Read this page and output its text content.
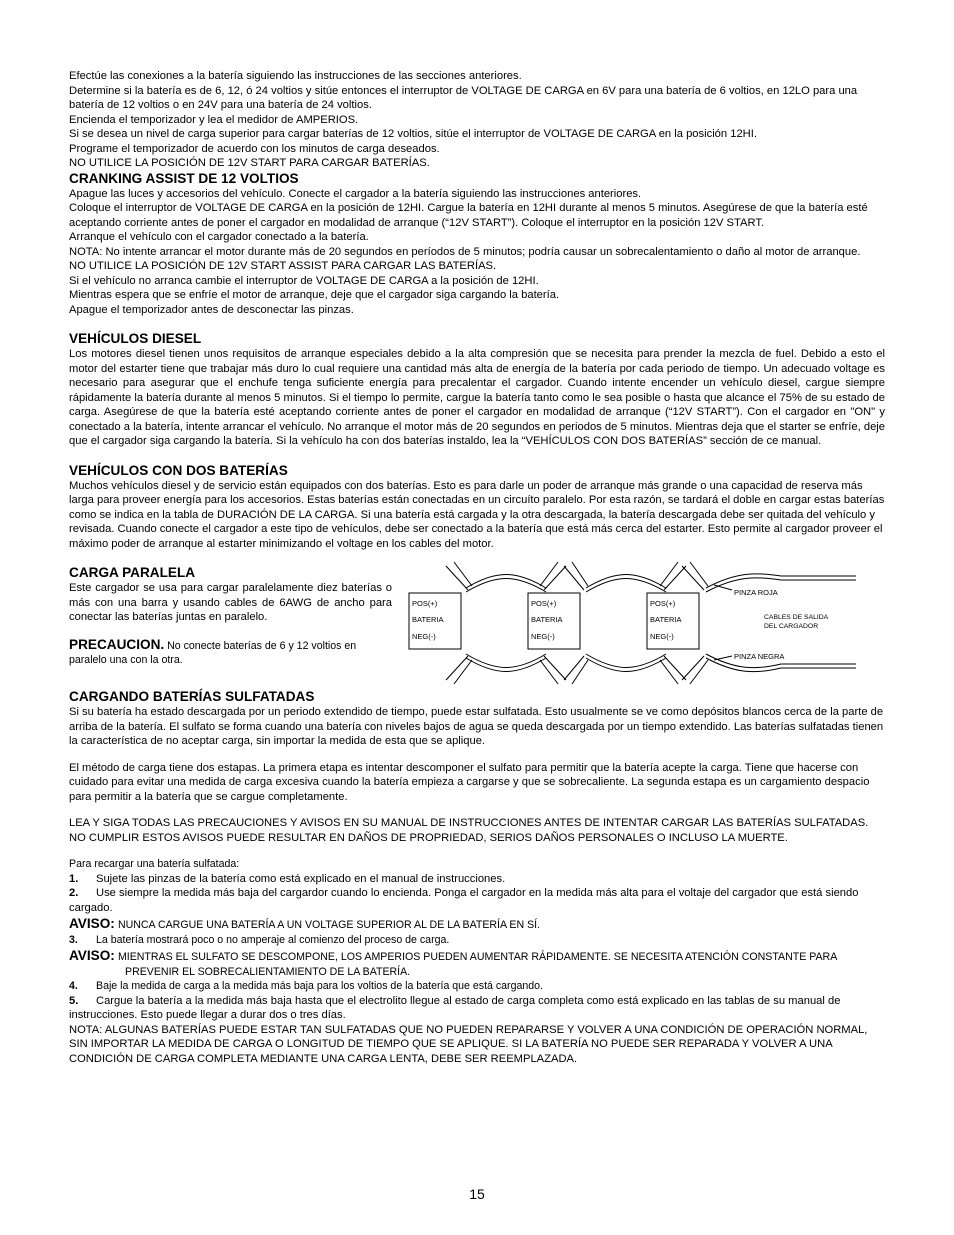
Efectúe las conexiones a la batería siguiendo las instrucciones de las secciones anteriores.

Determine si la batería es de 6, 12, ó 24 voltios y sitúe entonces el interruptor de VOLTAGE DE CARGA en 6V para una batería de 6 voltios, en 12LO para una batería de 12 voltios o en 24V para una batería de 24 voltios.

Encienda el temporizador y lea el medidor de AMPERIOS.

Si se desea un nivel de carga superior para cargar baterías de 12 voltios, sitúe el interruptor de VOLTAGE DE CARGA en la posición 12HI.

Programe el temporizador de acuerdo con los minutos de carga deseados.

NO UTILICE LA POSICIÓN DE 12V START PARA CARGAR BATERÍAS.

CRANKING ASSIST DE 12 VOLTIOS

Apague las luces y accesorios del vehículo. Conecte el cargador a la batería siguiendo las instrucciones anteriores.

Coloque el interruptor de VOLTAGE DE CARGA en la posición de 12HI. Cargue la batería en 12HI durante al menos 5 minutos. Asegúrese de que la batería esté aceptando corriente antes de poner el cargador en modalidad de arranque (“12V START”). Coloque el interruptor en la posición 12V START.

Arranque el vehículo con el cargador conectado a la batería.

NOTA: No intente arrancar el motor durante más de 20 segundos en períodos de 5 minutos; podría causar un sobrecalentamiento o daño al motor de arranque.

NO UTILICE LA POSICIÓN DE 12V START ASSIST PARA CARGAR LAS BATERÍAS.

Si el vehículo no arranca cambie el interruptor de VOLTAGE DE CARGA a la posición de 12HI.

Mientras espera que se enfríe el motor de arranque, deje que el cargador siga cargando la batería.

Apague el temporizador antes de desconectar las pinzas.

VEHÍCULOS DIESEL

Los motores diesel tienen unos requisitos de arranque especiales debido a la alta compresión que se necesita para prender la mezcla de fuel. Debido a esto el motor del estarter tiene que trabajar más duro lo cual requiere una cantidad más alta de energía de la batería por cada periodo de tiempo. Un adecuado voltage es necesario para asegurar que el enchufe tenga suficiente energía para precalentar el cargador. Cuando intente encender un vehículo diesel, cargue siempre rápidamente la batería durante al menos 5 minutos. Si el tiempo lo permite, cargue la batería tanto como le sea posible o hasta que alcance el 75% de su estado de carga. Asegúrese de que la batería esté aceptando corriente antes de poner el cargador en modalidad de arranque (“12V START”). Con el cargador en "ON" y conectado a la batería, intente arrancar el vehículo. No arranque el motor más de 20 segundos en periodos de 5 minutos. Mientras deja que el starter se enfríe, deje que el cargador siga cargando la batería. Si la vehículo ha con dos baterías instaldo, lea la “VEHÍCULOS CON DOS BATERÍAS” sección de ce manual.

VEHÍCULOS CON DOS BATERÍAS

Muchos vehículos diesel y de servicio están equipados con dos baterías. Esto es para darle un poder de arranque más grande o una capacidad de reserva más larga para proveer energía para los accesorios. Estas baterías están conectadas en un circuíto paralelo. Por esta razón, se tardará el doble en cargar estas baterías como se indica en la tabla de DURACIÓN DE LA CARGA. Si una batería está cargada y la otra descargada, la batería descargada debe ser quitada del vehículo y revisada. Cuando conecte el cargador a este tipo de vehículos, debe ser conectado a la batería que está más cerca del estarter. Esto permite al cargador proveer el máximo poder de arranque al estarter minimizando el voltage en los cables del motor.

CARGA PARALELA

Este cargador se usa para cargar paralelamente diez baterías o más con una barra y usando cables de 6AWG de ancho para conectar las baterías juntas en paralelo.

PRECAUCION. No conecte baterías de 6 y 12 voltios en paralelo una con la otra.

POS(+)
BATERIA
NEG(-)
POS(+)
BATERIA
NEG(-)
POS(+)
BATERIA
NEG(-)
PINZA ROJA
CABLES DE SALIDA
DEL CARGADOR
PINZA NEGRA

CARGANDO BATERÍAS SULFATADAS

Si su batería ha estado descargada por un periodo extendido de tiempo, puede estar sulfatada. Esto usualmente se ve como depósitos blancos cerca de la parte de arriba de la batería. El sulfato se forma cuando una batería con niveles bajos de agua se queda descargada por un tiempo extendido. Las baterías sulfatadas tienen la característica de no aceptar carga, sin importar la medida de esta que se aplique.

El método de carga tiene dos estapas. La primera etapa es intentar descomponer el sulfato para permitir que la batería acepte la carga. Tiene que hacerse con cuidado para evitar una medida de carga excesiva cuando la batería empieza a cargarse y que se sobrecaliente. La segunda estapa es un cargamiento despacio para permitir a la batería que se cargue completamente.

LEA Y SIGA TODAS LAS PRECAUCIONES Y AVISOS EN SU MANUAL DE INSTRUCCIONES ANTES DE INTENTAR CARGAR LAS BATERÍAS SULFATADAS. NO CUMPLIR ESTOS AVISOS PUEDE RESULTAR EN DAÑOS DE PROPRIEDAD, SERIOS DAÑOS PERSONALES O INCLUSO LA MUERTE.

Para recargar una batería sulfatada:

1. Sujete las pinzas de la batería como está explicado en el manual de instrucciones.

2. Use siempre la medida más baja del cargardor cuando lo encienda. Ponga el cargador en la medida más alta para el voltaje del cargador que está siendo cargado.

AVISO: NUNCA CARGUE UNA BATERÍA A UN VOLTAGE SUPERIOR AL DE LA BATERÍA EN SÍ.

3. La batería mostrará poco o no amperaje al comienzo del proceso de carga.

AVISO: MIENTRAS EL SULFATO SE DESCOMPONE, LOS AMPERIOS PUEDEN AUMENTAR RÁPIDAMENTE. SE NECESITA ATENCIÓN CONSTANTE PARA PREVENIR EL SOBRECALIENTAMIENTO DE LA BATERÍA.

4. Baje la medida de carga a la medida más baja para los voltios de la batería que está cargando.

5. Cargue la batería a la medida más baja hasta que el electrolito llegue al estado de carga completa como está explicado en las tablas de su manual de instrucciones. Esto puede llegar a durar dos o tres días.

NOTA: ALGUNAS BATERÍAS PUEDE ESTAR TAN SULFATADAS QUE NO PUEDEN REPARARSE Y VOLVER A UNA CONDICIÓN DE OPERACIÓN NORMAL, SIN IMPORTAR LA MEDIDA DE CARGA O LONGITUD DE TIEMPO QUE SE APLIQUE. SI LA BATERÍA NO PUEDE SER REPARADA Y VOLVER A UNA CONDICIÓN DE CARGA COMPLETA MEDIANTE UNA CARGA LENTA, DEBE SER REEMPLAZADA.

15
